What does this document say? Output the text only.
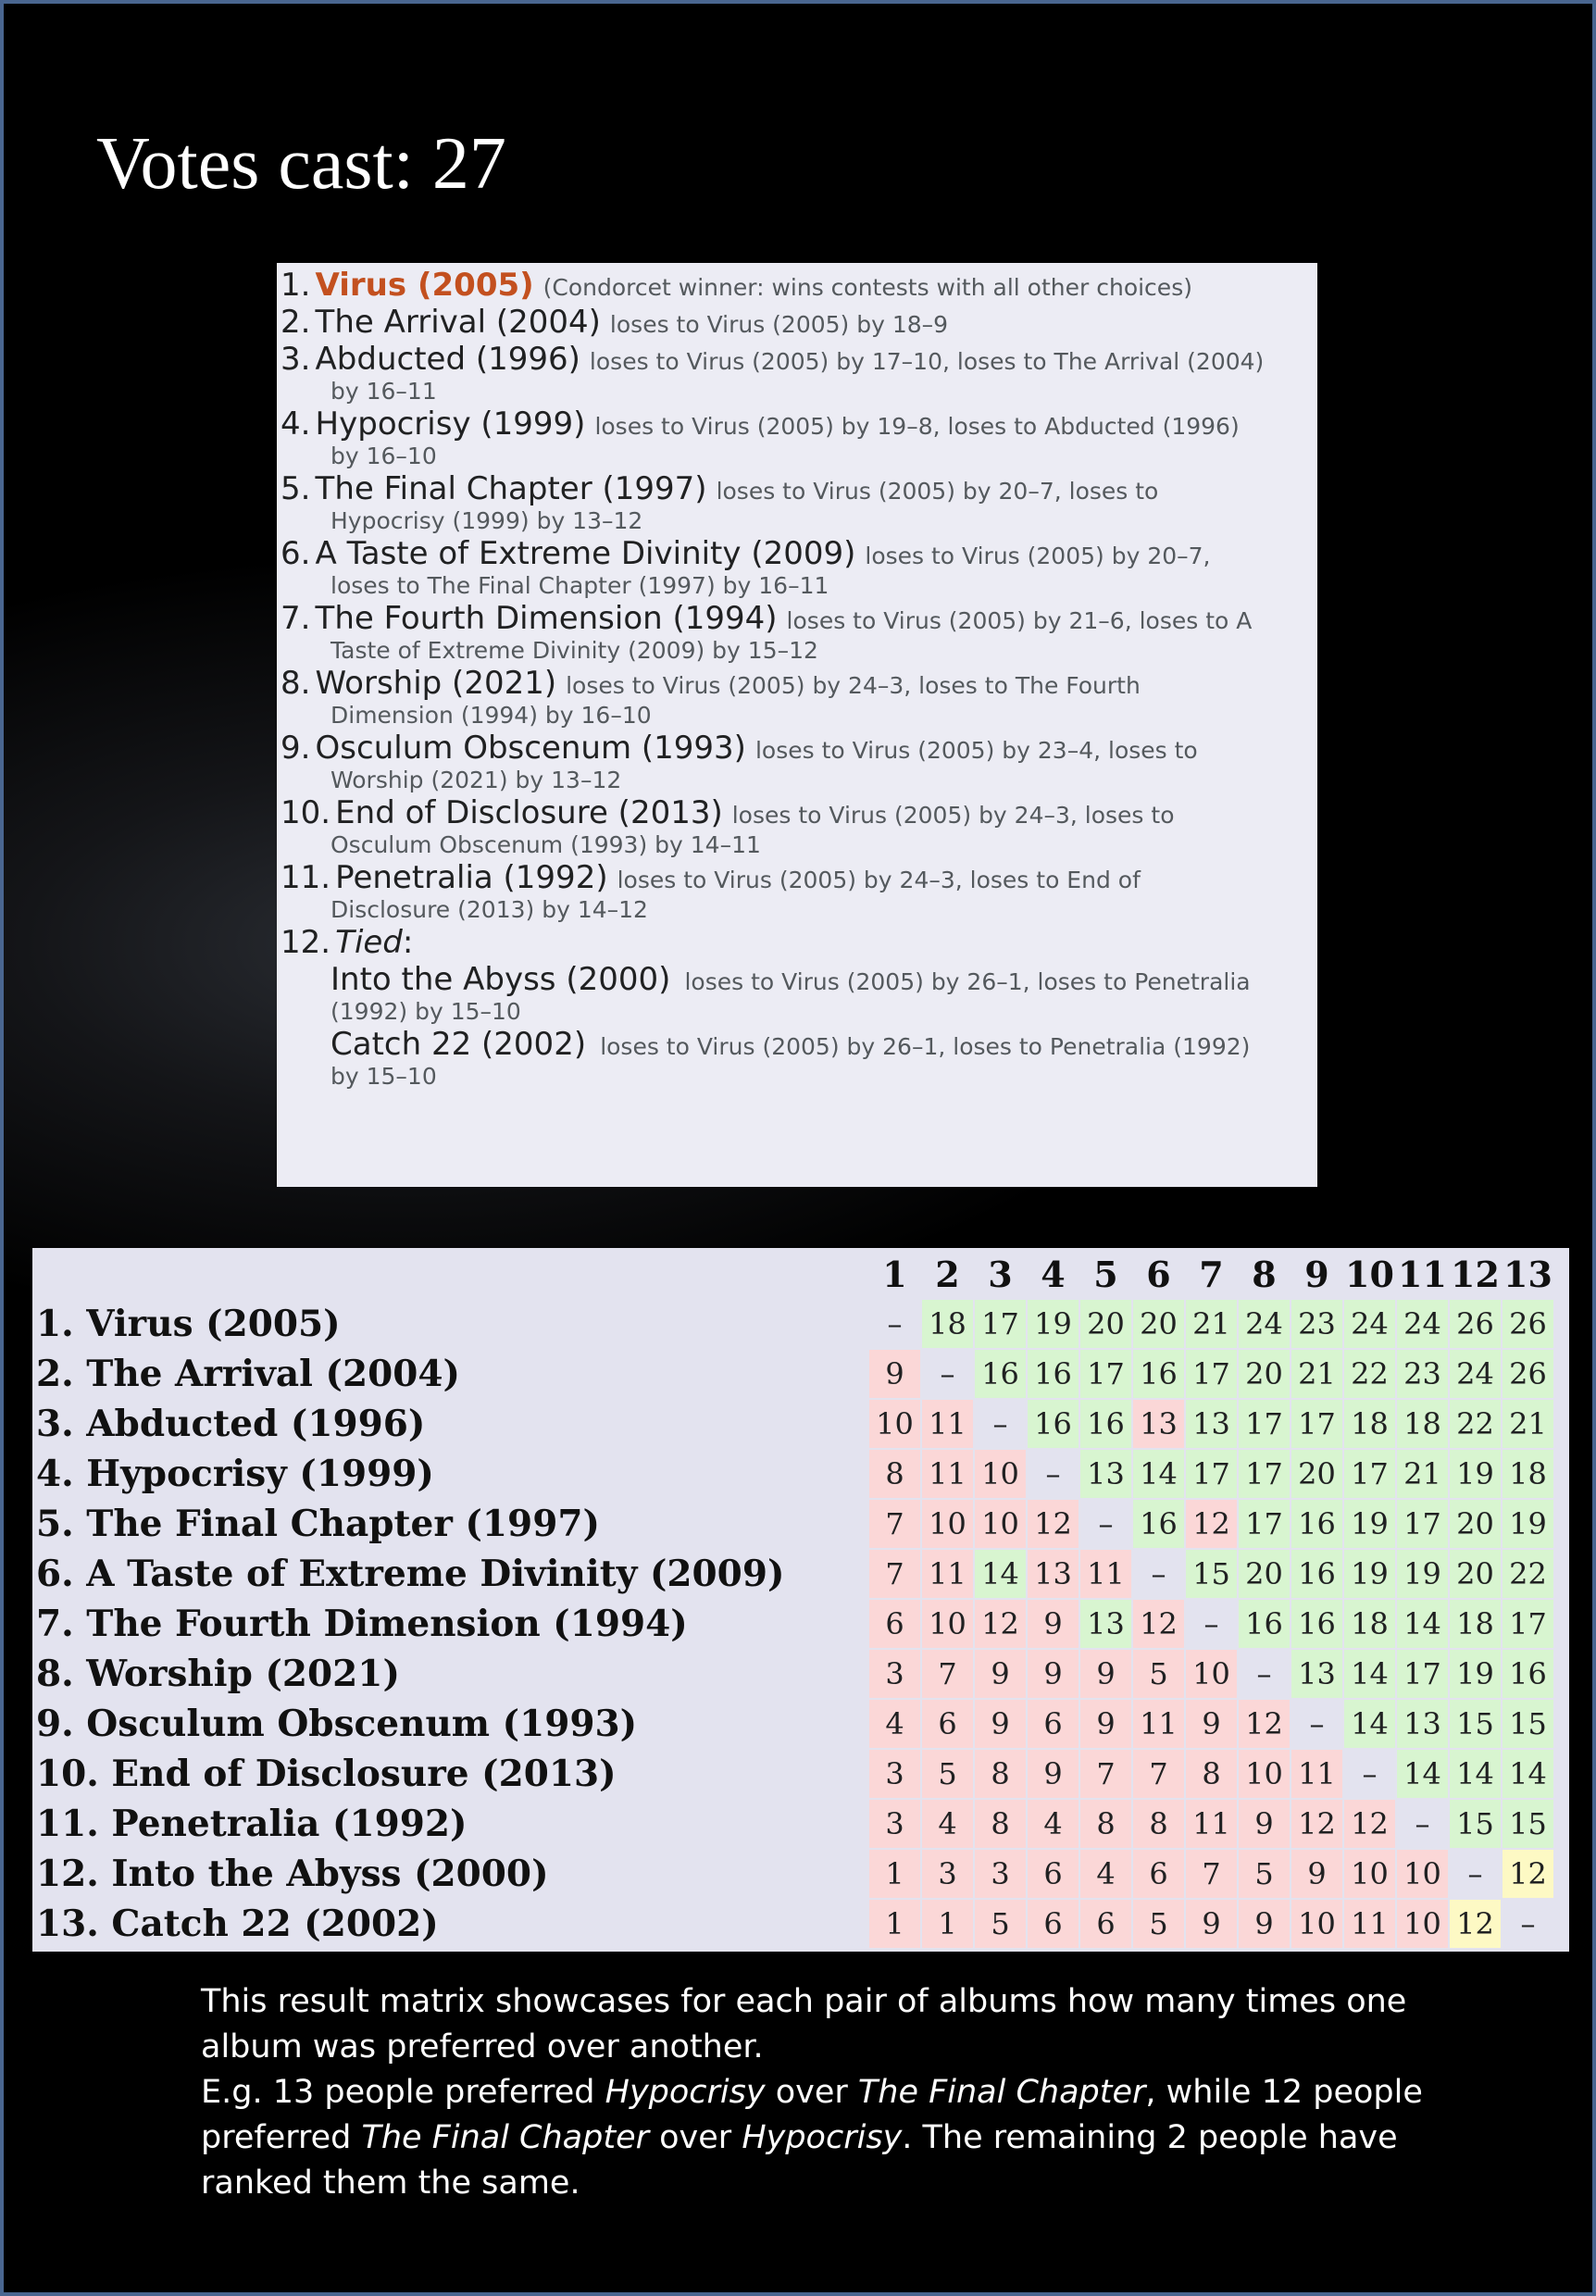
Votes cast: 27
1. Virus (2005) (Condorcet winner: wins contests with all other choices)
2. The Arrival (2004) loses to Virus (2005) by 18–9
3. Abducted (1996) loses to Virus (2005) by 17–10, loses to The Arrival (2004)
by 16–11
4. Hypocrisy (1999) loses to Virus (2005) by 19–8, loses to Abducted (1996)
by 16–10
5. The Final Chapter (1997) loses to Virus (2005) by 20–7, loses to
Hypocrisy (1999) by 13–12
6. A Taste of Extreme Divinity (2009) loses to Virus (2005) by 20–7,
loses to The Final Chapter (1997) by 16–11
7. The Fourth Dimension (1994) loses to Virus (2005) by 21–6, loses to A
Taste of Extreme Divinity (2009) by 15–12
8. Worship (2021) loses to Virus (2005) by 24–3, loses to The Fourth
Dimension (1994) by 16–10
9. Osculum Obscenum (1993) loses to Virus (2005) by 23–4, loses to
Worship (2021) by 13–12
10. End of Disclosure (2013) loses to Virus (2005) by 24–3, loses to
Osculum Obscenum (1993) by 14–11
11. Penetralia (1992) loses to Virus (2005) by 24–3, loses to End of
Disclosure (2013) by 14–12
12. Tied:
Into the Abyss (2000) loses to Virus (2005) by 26–1, loses to Penetralia
(1992) by 15–10
Catch 22 (2002) loses to Virus (2005) by 26–1, loses to Penetralia (1992)
by 15–10
	1	2	3	4	5	6	7	8	9	10	11	12	13
1. Virus (2005)	–	18	17	19	20	20	21	24	23	24	24	26	26
2. The Arrival (2004)	9	–	16	16	17	16	17	20	21	22	23	24	26
3. Abducted (1996)	10	11	–	16	16	13	13	17	17	18	18	22	21
4. Hypocrisy (1999)	8	11	10	–	13	14	17	17	20	17	21	19	18
5. The Final Chapter (1997)	7	10	10	12	–	16	12	17	16	19	17	20	19
6. A Taste of Extreme Divinity (2009)	7	11	14	13	11	–	15	20	16	19	19	20	22
7. The Fourth Dimension (1994)	6	10	12	9	13	12	–	16	16	18	14	18	17
8. Worship (2021)	3	7	9	9	9	5	10	–	13	14	17	19	16
9. Osculum Obscenum (1993)	4	6	9	6	9	11	9	12	–	14	13	15	15
10. End of Disclosure (2013)	3	5	8	9	7	7	8	10	11	–	14	14	14
11. Penetralia (1992)	3	4	8	4	8	8	11	9	12	12	–	15	15
12. Into the Abyss (2000)	1	3	3	6	4	6	7	5	9	10	10	–	12
13. Catch 22 (2002)	1	1	5	6	6	5	9	9	10	11	10	12	–
This result matrix showcases for each pair of albums how many times one album was preferred over another.
E.g. 13 people preferred Hypocrisy over The Final Chapter, while 12 people preferred The Final Chapter over Hypocrisy. The remaining 2 people have ranked them the same.
